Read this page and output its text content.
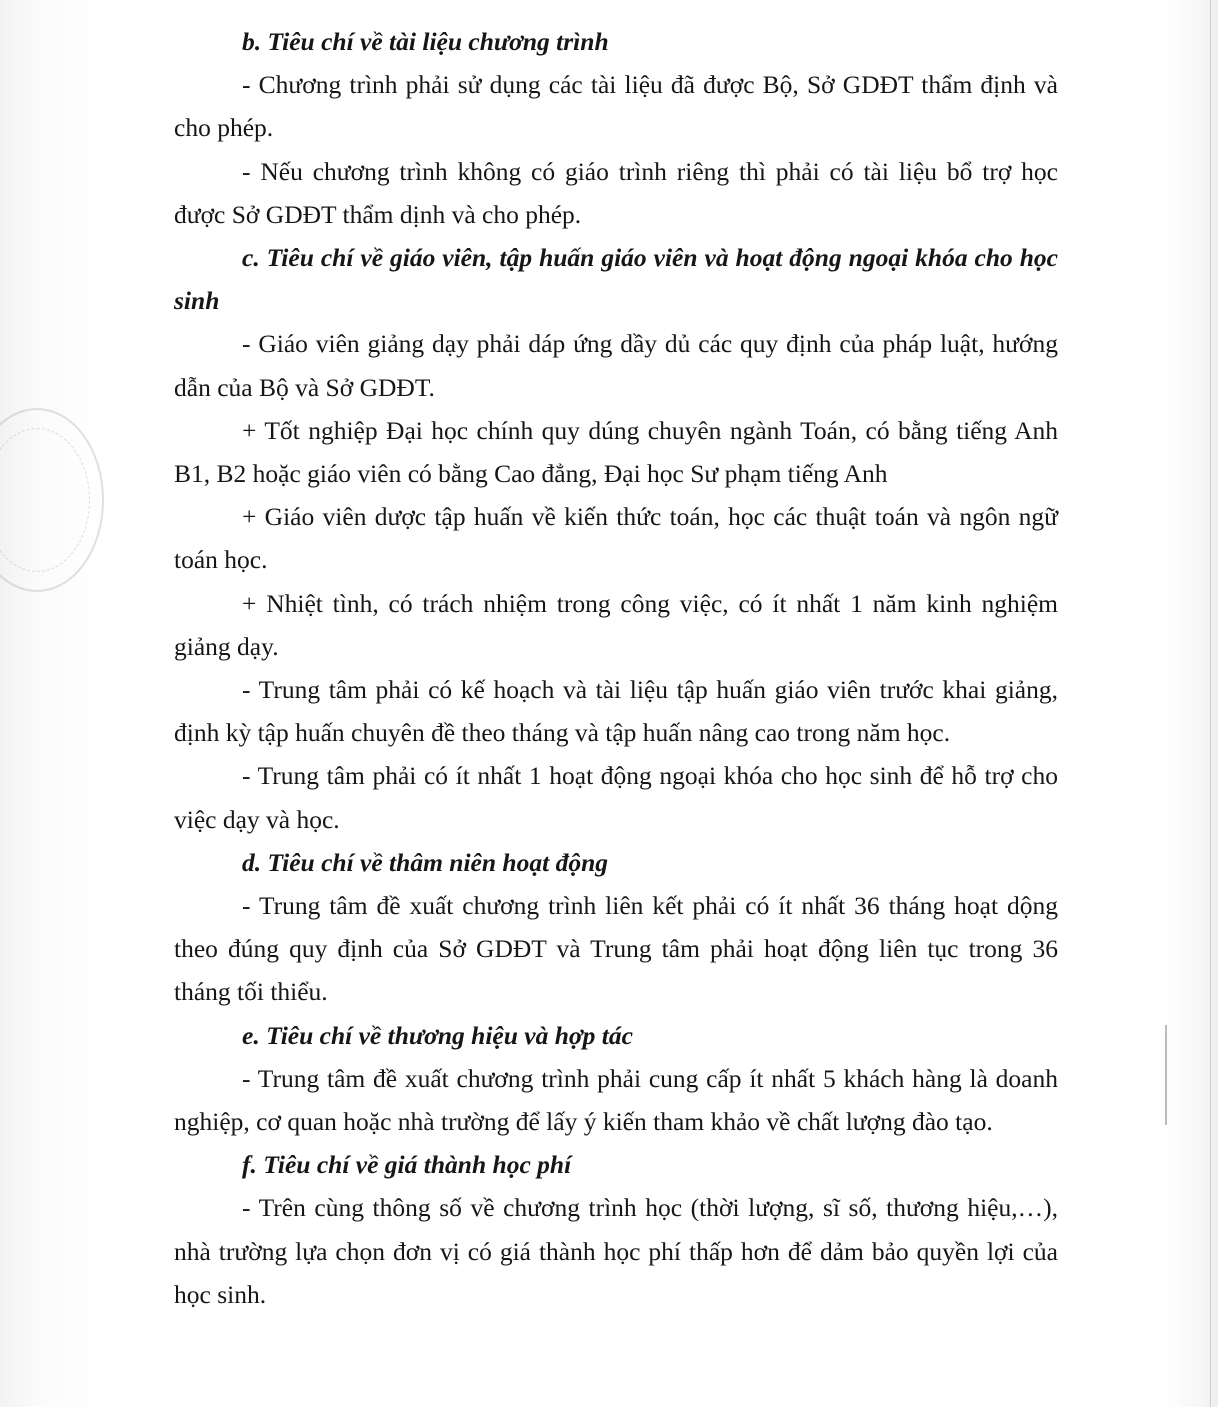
b. Tiêu chí về tài liệu chương trình

- Chương trình phải sử dụng các tài liệu đã được Bộ, Sở GDĐT thẩm định và cho phép.

- Nếu chương trình không có giáo trình riêng thì phải có tài liệu bổ trợ học được Sở GDĐT thẩm dịnh và cho phép.

c. Tiêu chí về giáo viên, tập huấn giáo viên và hoạt động ngoại khóa cho học sinh

- Giáo viên giảng dạy phải dáp ứng dầy dủ các quy định của pháp luật, hướng dẫn của Bộ và Sở GDĐT.

+ Tốt nghiệp Đại học chính quy dúng chuyên ngành Toán, có bằng tiếng Anh B1, B2 hoặc giáo viên có bằng Cao đẳng, Đại học Sư phạm tiếng Anh

+ Giáo viên dược tập huấn về kiến thức toán, học các thuật toán và ngôn ngữ toán học.

+ Nhiệt tình, có trách nhiệm trong công việc, có ít nhất 1 năm kinh nghiệm giảng dạy.

- Trung tâm phải có kế hoạch và tài liệu tập huấn giáo viên trước khai giảng, định kỳ tập huấn chuyên đề theo tháng và tập huấn nâng cao trong năm học.

- Trung tâm phải có ít nhất 1 hoạt động ngoại khóa cho học sinh để hỗ trợ cho việc dạy và học.

d. Tiêu chí về thâm niên hoạt động

- Trung tâm đề xuất chương trình liên kết phải có ít nhất 36 tháng hoạt dộng theo đúng quy định của Sở GDĐT và Trung tâm phải hoạt động liên tục trong 36 tháng tối thiểu.

e. Tiêu chí về thương hiệu và hợp tác

- Trung tâm đề xuất chương trình phải cung cấp ít nhất 5 khách hàng là doanh nghiệp, cơ quan hoặc nhà trường để lấy ý kiến tham khảo về chất lượng đào tạo.

f. Tiêu chí về giá thành học phí

- Trên cùng thông số về chương trình học (thời lượng, sĩ số, thương hiệu,…), nhà trường lựa chọn đơn vị có giá thành học phí thấp hơn để dảm bảo quyền lợi của học sinh.
